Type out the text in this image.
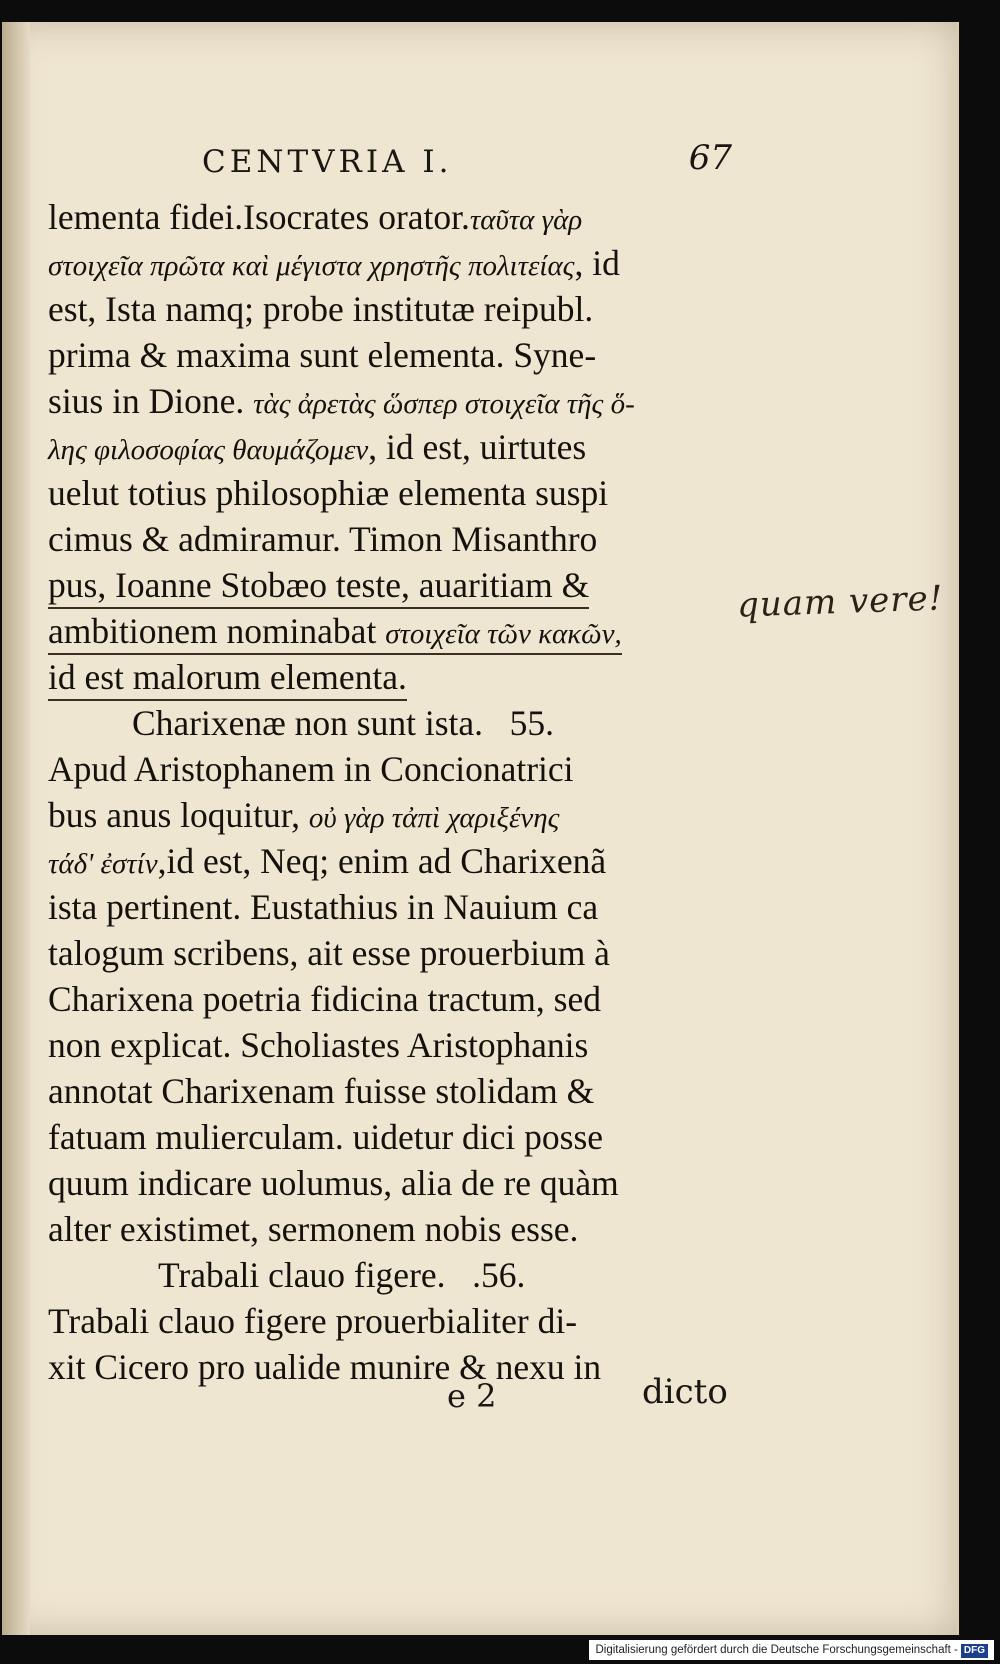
CENTVRIA I.	67
lementa fidei.Isocrates orator.ταῦτα γὰρ
στοιχεῖα πρῶτα καὶ μέγιστα χρηστῆς πολιτείας, id
est, Ista namq; probe institutæ reipubl.
prima & maxima sunt elementa. Syne-
sius in Dione. τὰς ἀρετὰς ὥσπερ στοιχεῖα τῆς ὅ-
λης φιλοσοφίας θαυμάζομεν, id est, uirtutes
uelut totius philosophiæ elementa suspi
cimus & admiramur. Timon Misanthro
pus, Ioanne Stobæo teste, auaritiam &
ambitionem nominabat στοιχεῖα τῶν κακῶν,
id est malorum elementa.
Charixenæ non sunt ista. 55.
Apud Aristophanem in Concionatrici
bus anus loquitur, οὐ γὰρ τἀπὶ χαριξένης
τάδ' ἐστίν,id est, Neq; enim ad Charixenã
ista pertinent. Eustathius in Nauium ca
talogum scribens, ait esse prouerbium à
Charixena poetria fidicina tractum, sed
non explicat. Scholiastes Aristophanis
annotat Charixenam fuisse stolidam &
fatuam mulierculam. uidetur dici posse
quum indicare uolumus, alia de re quàm
alter existimet, sermonem nobis esse.
Trabali clauo figere. .56.
Trabali clauo figere prouerbialiter di-
xit Cicero pro ualide munire & nexu in
quam vere!
e 2	dicto
Digitalisierung gefördert durch die Deutsche Forschungsgemeinschaft - DFG
